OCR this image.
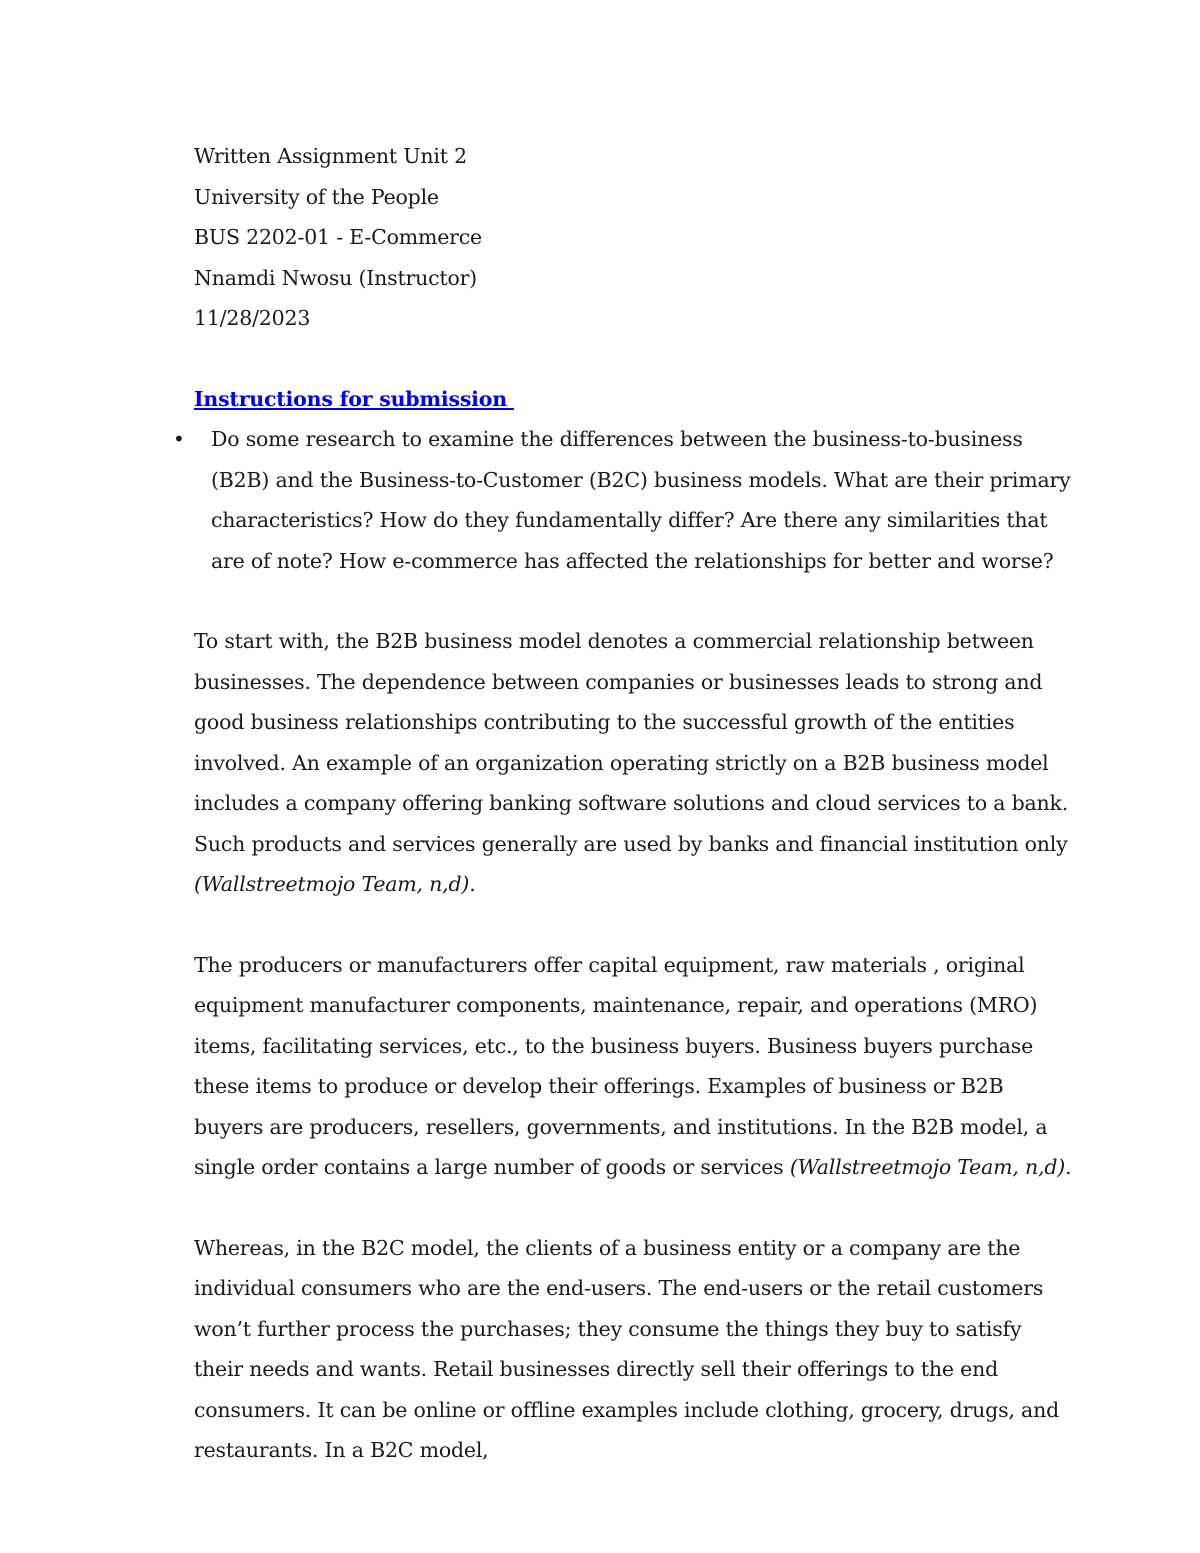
Written Assignment Unit 2
University of the People
BUS 2202-01 - E-Commerce
Nnamdi Nwosu (Instructor)
11/28/2023
Instructions for submission
• Do some research to examine the differences between the business-to-business (B2B) and the Business-to-Customer (B2C) business models. What are their primary characteristics? How do they fundamentally differ? Are there any similarities that are of note? How e-commerce has affected the relationships for better and worse?

To start with, the B2B business model denotes a commercial relationship between businesses. The dependence between companies or businesses leads to strong and good business relationships contributing to the successful growth of the entities involved. An example of an organization operating strictly on a B2B business model includes a company offering banking software solutions and cloud services to a bank. Such products and services generally are used by banks and financial institution only (Wallstreetmojo Team, n,d).

The producers or manufacturers offer capital equipment, raw materials , original equipment manufacturer components, maintenance, repair, and operations (MRO) items, facilitating services, etc., to the business buyers. Business buyers purchase these items to produce or develop their offerings. Examples of business or B2B buyers are producers, resellers, governments, and institutions. In the B2B model, a single order contains a large number of goods or services (Wallstreetmojo Team, n,d).

Whereas, in the B2C model, the clients of a business entity or a company are the individual consumers who are the end-users. The end-users or the retail customers won’t further process the purchases; they consume the things they buy to satisfy their needs and wants. Retail businesses directly sell their offerings to the end consumers. It can be online or offline examples include clothing, grocery, drugs, and restaurants. In a B2C model,
